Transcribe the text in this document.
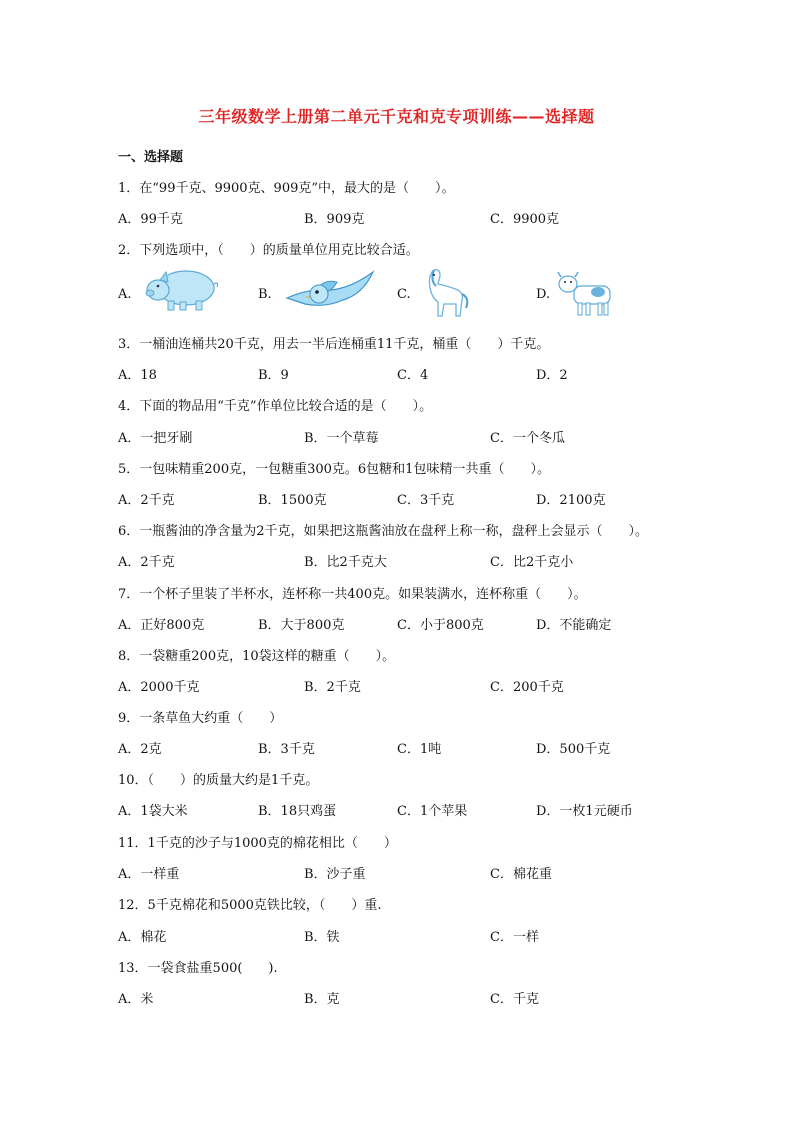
三年级数学上册第二单元千克和克专项训练——选择题
一、选择题
1．在“99千克、9900克、909克”中，最大的是（　　）。
A．99千克	B．909克	C．9900克
2．下列选项中，（　　）的质量单位用克比较合适。
A.	B.	C.	D.
3．一桶油连桶共20千克，用去一半后连桶重11千克，桶重（　　）千克。
A．18	B．9	C．4	D．2
4．下面的物品用“千克”作单位比较合适的是（　　）。
A．一把牙刷	B．一个草莓	C．一个冬瓜
5．一包味精重200克，一包糖重300克。6包糖和1包味精一共重（　　）。
A．2千克	B．1500克	C．3千克	D．2100克
6．一瓶酱油的净含量为2千克，如果把这瓶酱油放在盘秤上称一称，盘秤上会显示（　　）。
A．2千克	B．比2千克大	C．比2千克小
7．一个杯子里装了半杯水，连杯称一共400克。如果装满水，连杯称重（　　）。
A．正好800克	B．大于800克	C．小于800克	D．不能确定
8．一袋糖重200克，10袋这样的糖重（　　）。
A．2000千克	B．2千克	C．200千克
9．一条草鱼大约重（　　）
A．2克	B．3千克	C．1吨	D．500千克
10．（　　）的质量大约是1千克。
A．1袋大米	B．18只鸡蛋	C．1个苹果	D．一枚1元硬币
11．1千克的沙子与1000克的棉花相比（　　）
A．一样重	B．沙子重	C．棉花重
12．5千克棉花和5000克铁比较，（　　）重.
A．棉花	B．铁	C．一样
13．一袋食盐重500(　　).
A．米	B．克	C．千克
